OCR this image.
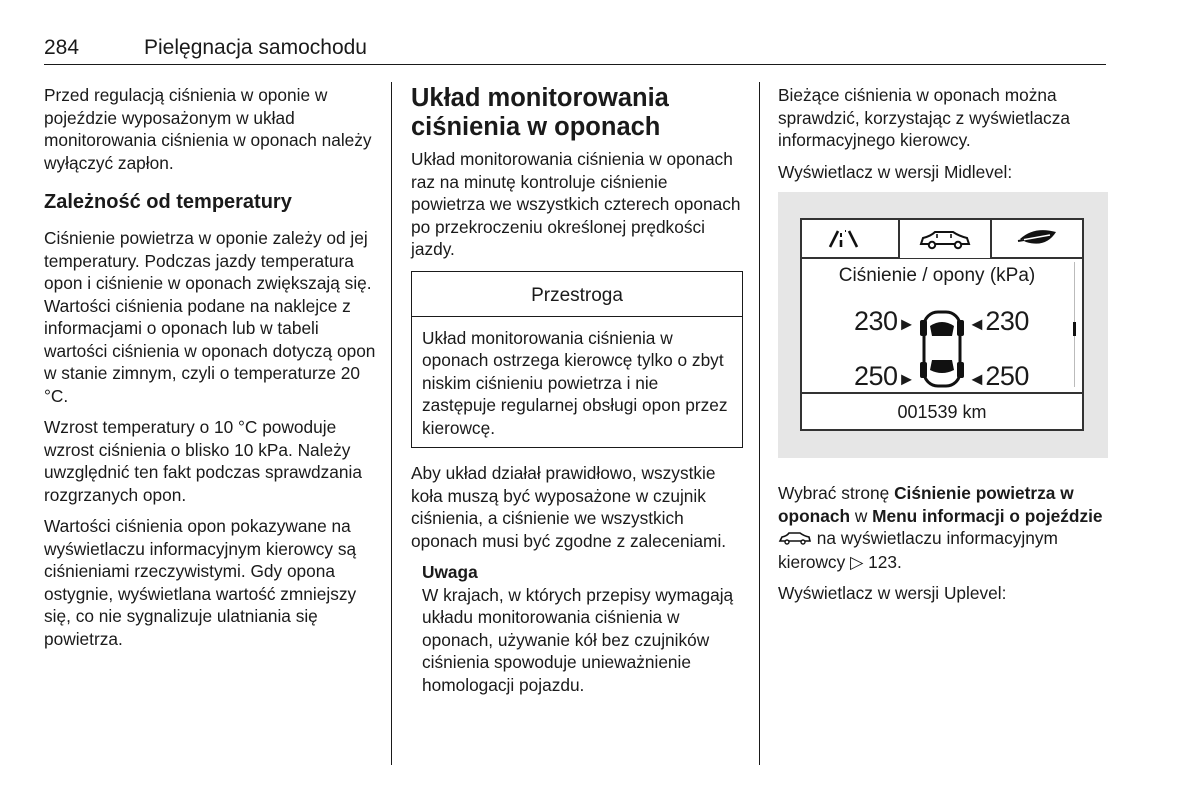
284	Pielęgnacja samochodu

Przed regulacją ciśnienia w oponie w pojeździe wyposażonym w układ monitorowania ciśnienia w oponach należy wyłączyć zapłon.

Zależność od temperatury

Ciśnienie powietrza w oponie zależy od jej temperatury. Podczas jazdy temperatura opon i ciśnienie w oponach zwiększają się. Wartości ciśnienia podane na naklejce z informacjami o oponach lub w tabeli wartości ciśnienia w oponach dotyczą opon w stanie zimnym, czyli o temperaturze 20 °C.

Wzrost temperatury o 10 °C powoduje wzrost ciśnienia o blisko 10 kPa. Należy uwzględnić ten fakt podczas sprawdzania rozgrzanych opon.

Wartości ciśnienia opon pokazywane na wyświetlaczu informacyjnym kierowcy są ciśnieniami rzeczywistymi. Gdy opona ostygnie, wyświetlana wartość zmniejszy się, co nie sygnalizuje ulatniania się powietrza.

Układ monitorowania ciśnienia w oponach

Układ monitorowania ciśnienia w oponach raz na minutę kontroluje ciśnienie powietrza we wszystkich czterech oponach po przekroczeniu określonej prędkości jazdy.

Przestroga

Układ monitorowania ciśnienia w oponach ostrzega kierowcę tylko o zbyt niskim ciśnieniu powietrza i nie zastępuje regularnej obsługi opon przez kierowcę.

Aby układ działał prawidłowo, wszystkie koła muszą być wyposażone w czujnik ciśnienia, a ciśnienie we wszystkich oponach musi być zgodne z zaleceniami.

Uwaga

W krajach, w których przepisy wymagają układu monitorowania ciśnienia w oponach, używanie kół bez czujników ciśnienia spowoduje unieważnienie homologacji pojazdu.

Bieżące ciśnienia w oponach można sprawdzić, korzystając z wyświetlacza informacyjnego kierowcy.

Wyświetlacz w wersji Midlevel:

Ciśnienie / opony (kPa)
230►	◄230
250►	◄250
001539 km

Wybrać stronę Ciśnienie powietrza w oponach w Menu informacji o pojeździe  na wyświetlaczu informacyjnym kierowcy ▷ 123.

Wyświetlacz w wersji Uplevel:
